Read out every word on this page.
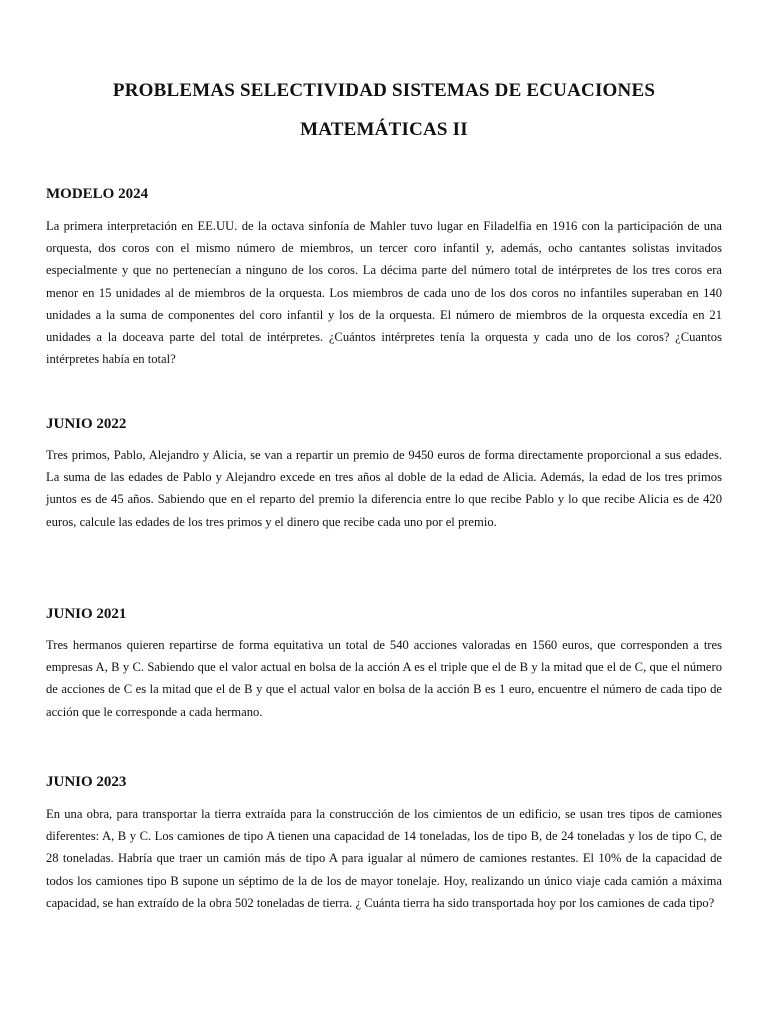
PROBLEMAS SELECTIVIDAD SISTEMAS DE ECUACIONES
MATEMÁTICAS II
MODELO 2024
La primera interpretación en EE.UU. de la octava sinfonía de Mahler tuvo lugar en Filadelfia en 1916 con la participación de una orquesta, dos coros con el mismo número de miembros, un tercer coro infantil y, además, ocho cantantes solistas invitados especialmente y que no pertenecían a ninguno de los coros. La décima parte del número total de intérpretes de los tres coros era menor en 15 unidades al de miembros de la orquesta. Los miembros de cada uno de los dos coros no infantiles superaban en 140 unidades a la suma de componentes del coro infantil y los de la orquesta. El número de miembros de la orquesta excedía en 21 unidades a la doceava parte del total de intérpretes. ¿Cuántos intérpretes tenía la orquesta y cada uno de los coros? ¿Cuantos intérpretes había en total?
JUNIO 2022
Tres primos, Pablo, Alejandro y Alicia, se van a repartir un premio de 9450 euros de forma directamente proporcional a sus edades. La suma de las edades de Pablo y Alejandro excede en tres años al doble de la edad de Alicia. Además, la edad de los tres primos juntos es de 45 años. Sabiendo que en el reparto del premio la diferencia entre lo que recibe Pablo y lo que recibe Alicia es de 420 euros, calcule las edades de los tres primos y el dinero que recibe cada uno por el premio.
JUNIO 2021
Tres hermanos quieren repartirse de forma equitativa un total de 540 acciones valoradas en 1560 euros, que corresponden a tres empresas A, B y C. Sabiendo que el valor actual en bolsa de la acción A es el triple que el de B y la mitad que el de C, que el número de acciones de C es la mitad que el de B y que el actual valor en bolsa de la acción B es 1 euro, encuentre el número de cada tipo de acción que le corresponde a cada hermano.
JUNIO 2023
En una obra, para transportar la tierra extraída para la construcción de los cimientos de un edificio, se usan tres tipos de camiones diferentes: A, B y C. Los camiones de tipo A tienen una capacidad de 14 toneladas, los de tipo B, de 24 toneladas y los de tipo C, de 28 toneladas. Habría que traer un camión más de tipo A para igualar al número de camiones restantes. El 10% de la capacidad de todos los camiones tipo B supone un séptimo de la de los de mayor tonelaje. Hoy, realizando un único viaje cada camión a máxima capacidad, se han extraído de la obra 502 toneladas de tierra. ¿ Cuánta tierra ha sido transportada hoy por los camiones de cada tipo?
